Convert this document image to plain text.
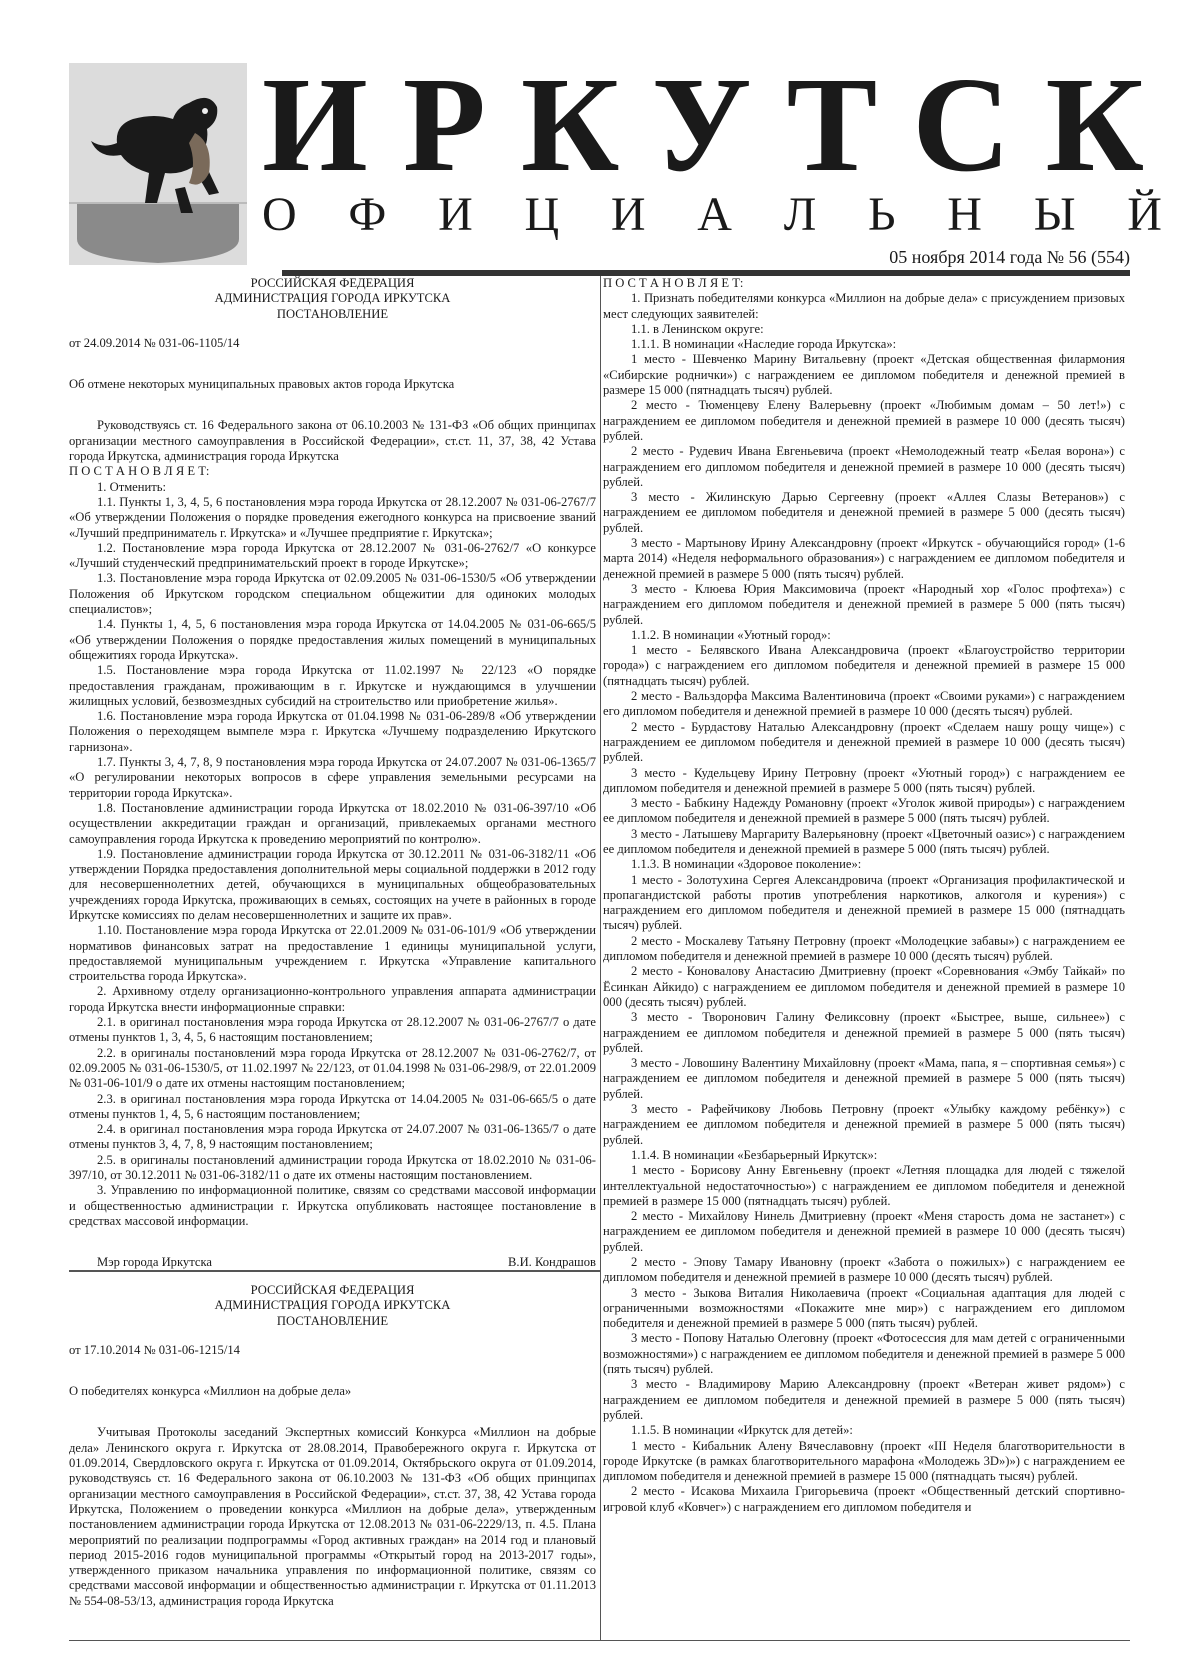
ИРКУТСК
О Ф И Ц И А Л Ь Н Ы Й
05 ноября 2014 года № 56 (554)

РОССИЙСКАЯ ФЕДЕРАЦИЯ

АДМИНИСТРАЦИЯ ГОРОДА ИРКУТСКА

ПОСТАНОВЛЕНИЕ

от 24.09.2014 № 031-06-1105/14

Об отмене некоторых муниципальных правовых актов города Иркутска

Руководствуясь ст. 16 Федерального закона от 06.10.2003 № 131-ФЗ «Об общих принципах организации местного самоуправления в Российской Федерации», ст.ст. 11, 37, 38, 42 Устава города Иркутска, администрация города Иркутска

П О С Т А Н О В Л Я Е Т:

1. Отменить:

1.1. Пункты 1, 3, 4, 5, 6 постановления мэра города Иркутска от 28.12.2007 № 031-06-2767/7 «Об утверждении Положения о порядке проведения ежегодного конкурса на присвоение званий «Лучший предприниматель г. Иркутска» и «Лучшее предприятие г. Иркутска»;

1.2. Постановление мэра города Иркутска от 28.12.2007 № 031-06-2762/7 «О конкурсе «Лучший студенческий предпринимательский проект в городе Иркутске»;

1.3. Постановление мэра города Иркутска от 02.09.2005 № 031-06-1530/5 «Об утверждении Положения об Иркутском городском специальном общежитии для одиноких молодых специалистов»;

1.4. Пункты 1, 4, 5, 6 постановления мэра города Иркутска от 14.04.2005 № 031-06-665/5 «Об утверждении Положения о порядке предоставления жилых помещений в муниципальных общежитиях города Иркутска».

1.5. Постановление мэра города Иркутска от 11.02.1997 № 22/123 «О порядке предоставления гражданам, проживающим в г. Иркутске и нуждающимся в улучшении жилищных условий, безвозмездных субсидий на строительство или приобретение жилья».

1.6. Постановление мэра города Иркутска от 01.04.1998 № 031-06-289/8 «Об утверждении Положения о переходящем вымпеле мэра г. Иркутска «Лучшему подразделению Иркутского гарнизона».

1.7. Пункты 3, 4, 7, 8, 9 постановления мэра города Иркутска от 24.07.2007 № 031-06-1365/7 «О регулировании некоторых вопросов в сфере управления земельными ресурсами на территории города Иркутска».

1.8. Постановление администрации города Иркутска от 18.02.2010 № 031-06-397/10 «Об осуществлении аккредитации граждан и организаций, привлекаемых органами местного самоуправления города Иркутска к проведению мероприятий по контролю».

1.9. Постановление администрации города Иркутска от 30.12.2011 № 031-06-3182/11 «Об утверждении Порядка предоставления дополнительной меры социальной поддержки в 2012 году для несовершеннолетних детей, обучающихся в муниципальных общеобразовательных учреждениях города Иркутска, проживающих в семьях, состоящих на учете в районных в городе Иркутске комиссиях по делам несовершеннолетних и защите их прав».

1.10. Постановление мэра города Иркутска от 22.01.2009 № 031-06-101/9 «Об утверждении нормативов финансовых затрат на предоставление 1 единицы муниципальной услуги, предоставляемой муниципальным учреждением г. Иркутска «Управление капитального строительства города Иркутска».

2. Архивному отделу организационно-контрольного управления аппарата администрации города Иркутска внести информационные справки:

2.1. в оригинал постановления мэра города Иркутска от 28.12.2007 № 031-06-2767/7 о дате отмены пунктов 1, 3, 4, 5, 6 настоящим постановлением;

2.2. в оригиналы постановлений мэра города Иркутска от 28.12.2007 № 031-06-2762/7, от 02.09.2005 № 031-06-1530/5, от 11.02.1997 № 22/123, от 01.04.1998 № 031-06-298/9, от 22.01.2009 № 031-06-101/9 о дате их отмены настоящим постановлением;

2.3. в оригинал постановления мэра города Иркутска от 14.04.2005 № 031-06-665/5 о дате отмены пунктов 1, 4, 5, 6 настоящим постановлением;

2.4. в оригинал постановления мэра города Иркутска от 24.07.2007 № 031-06-1365/7 о дате отмены пунктов 3, 4, 7, 8, 9 настоящим постановлением;

2.5. в оригиналы постановлений администрации города Иркутска от 18.02.2010 № 031-06-397/10, от 30.12.2011 № 031-06-3182/11 о дате их отмены настоящим постановлением.

3. Управлению по информационной политике, связям со средствами массовой информации и общественностью администрации г. Иркутска опубликовать настоящее постановление в средствах массовой информации.

Мэр города Иркутска	В.И. Кондрашов

РОССИЙСКАЯ ФЕДЕРАЦИЯ

АДМИНИСТРАЦИЯ ГОРОДА ИРКУТСКА

ПОСТАНОВЛЕНИЕ

от 17.10.2014 № 031-06-1215/14

О победителях конкурса «Миллион на добрые дела»

Учитывая Протоколы заседаний Экспертных комиссий Конкурса «Миллион на добрые дела» Ленинского округа г. Иркутска от 28.08.2014, Правобережного округа г. Иркутска от 01.09.2014, Свердловского округа г. Иркутска от 01.09.2014, Октябрьского округа от 01.09.2014, руководствуясь ст. 16 Федерального закона от 06.10.2003 № 131-ФЗ «Об общих принципах организации местного самоуправления в Российской Федерации», ст.ст. 37, 38, 42 Устава города Иркутска, Положением о проведении конкурса «Миллион на добрые дела», утвержденным постановлением администрации города Иркутска от 12.08.2013 № 031-06-2229/13, п. 4.5. Плана мероприятий по реализации подпрограммы «Город активных граждан» на 2014 год и плановый период 2015-2016 годов муниципальной программы «Открытый город на 2013-2017 годы», утвержденного приказом начальника управления по информационной политике, связям со средствами массовой информации и общественностью администрации г. Иркутска от 01.11.2013 № 554-08-53/13, администрация города Иркутска

П О С Т А Н О В Л Я Е Т:

1. Признать победителями конкурса «Миллион на добрые дела» с присуждением призовых мест следующих заявителей:

1.1. в Ленинском округе:

1.1.1. В номинации «Наследие города Иркутска»:

1 место - Шевченко Марину Витальевну (проект «Детская общественная филармония «Сибирские роднички») с награждением ее дипломом победителя и денежной премией в размере 15 000 (пятнадцать тысяч) рублей.

2 место - Тюменцеву Елену Валерьевну (проект «Любимым домам – 50 лет!») с награждением ее дипломом победителя и денежной премией в размере 10 000 (десять тысяч) рублей.

2 место - Рудевич Ивана Евгеньевича (проект «Немолодежный театр «Белая ворона») с награждением его дипломом победителя и денежной премией в размере 10 000 (десять тысяч) рублей.

3 место - Жилинскую Дарью Сергеевну (проект «Аллея Слазы Ветеранов») с награждением ее дипломом победителя и денежной премией в размере 5 000 (десять тысяч) рублей.

3 место - Мартынову Ирину Александровну (проект «Иркутск - обучающийся город» (1-6 марта 2014) «Неделя неформального образования») с награждением ее дипломом победителя и денежной премией в размере 5 000 (пять тысяч) рублей.

3 место - Клюева Юрия Максимовича (проект «Народный хор «Голос профтеха») с награждением его дипломом победителя и денежной премией в размере 5 000 (пять тысяч) рублей.

1.1.2. В номинации «Уютный город»:

1 место - Белявского Ивана Александровича (проект «Благоустройство территории города») с награждением его дипломом победителя и денежной премией в размере 15 000 (пятнадцать тысяч) рублей.

2 место - Вальздорфа Максима Валентиновича (проект «Своими руками») с награждением его дипломом победителя и денежной премией в размере 10 000 (десять тысяч) рублей.

2 место - Бурдастову Наталью Александровну (проект «Сделаем нашу рощу чище») с награждением ее дипломом победителя и денежной премией в размере 10 000 (десять тысяч) рублей.

3 место - Кудельцеву Ирину Петровну (проект «Уютный город») с награждением ее дипломом победителя и денежной премией в размере 5 000 (пять тысяч) рублей.

3 место - Бабкину Надежду Романовну (проект «Уголок живой природы») с награждением ее дипломом победителя и денежной премией в размере 5 000 (пять тысяч) рублей.

3 место - Латышеву Маргариту Валерьяновну (проект «Цветочный оазис») с награждением ее дипломом победителя и денежной премией в размере 5 000 (пять тысяч) рублей.

1.1.3. В номинации «Здоровое поколение»:

1 место - Золотухина Сергея Александровича (проект «Организация профилактической и пропагандистской работы против употребления наркотиков, алкоголя и курения») с награждением его дипломом победителя и денежной премией в размере 15 000 (пятнадцать тысяч) рублей.

2 место - Москалеву Татьяну Петровну (проект «Молодецкие забавы») с награждением ее дипломом победителя и денежной премией в размере 10 000 (десять тысяч) рублей.

2 место - Коноваловy Анастасию Дмитриевну (проект «Соревнования «Эмбу Тайкай» по Ёсинкан Айкидо) с награждением ее дипломом победителя и денежной премией в размере 10 000 (десять тысяч) рублей.

3 место - Творонович Галину Феликсовну (проект «Быстрее, выше, сильнее») с награждением ее дипломом победителя и денежной премией в размере 5 000 (пять тысяч) рублей.

3 место - Ловошину Валентину Михайловну (проект «Мама, папа, я – спортивная семья») с награждением ее дипломом победителя и денежной премией в размере 5 000 (пять тысяч) рублей.

3 место - Рафейчикову Любовь Петровну (проект «Улыбку каждому ребёнку») с награждением ее дипломом победителя и денежной премией в размере 5 000 (пять тысяч) рублей.

1.1.4. В номинации «Безбарьерный Иркутск»:

1 место - Борисову Анну Евгеньевну (проект «Летняя площадка для людей с тяжелой интеллектуальной недостаточностью») с награждением ее дипломом победителя и денежной премией в размере 15 000 (пятнадцать тысяч) рублей.

2 место - Михайлову Нинель Дмитриевну (проект «Меня старость дома не застанет») с награждением ее дипломом победителя и денежной премией в размере 10 000 (десять тысяч) рублей.

2 место - Эпову Тамару Ивановну (проект «Забота о пожилых») с награждением ее дипломом победителя и денежной премией в размере 10 000 (десять тысяч) рублей.

3 место - Зыкова Виталия Николаевича (проект «Социальная адаптация для людей с ограниченными возможностями «Покажите мне мир») с награждением его дипломом победителя и денежной премией в размере 5 000 (пять тысяч) рублей.

3 место - Попову Наталью Олеговну (проект «Фотосессия для мам детей с ограниченными возможностями») с награждением ее дипломом победителя и денежной премией в размере 5 000 (пять тысяч) рублей.

3 место - Владимирову Марию Александровну (проект «Ветеран живет рядом») с награждением ее дипломом победителя и денежной премией в размере 5 000 (пять тысяч) рублей.

1.1.5. В номинации «Иркутск для детей»:

1 место - Кибальник Алену Вячеславовну (проект «III Неделя благотворительности в городе Иркутске (в рамках благотворительного марафона «Молодежь 3D»)») с награждением ее дипломом победителя и денежной премией в размере 15 000 (пятнадцать тысяч) рублей.

2 место - Исакова Михаила Григорьевича (проект «Общественный детский спортивно-игровой клуб «Ковчег») с награждением его дипломом победителя и
